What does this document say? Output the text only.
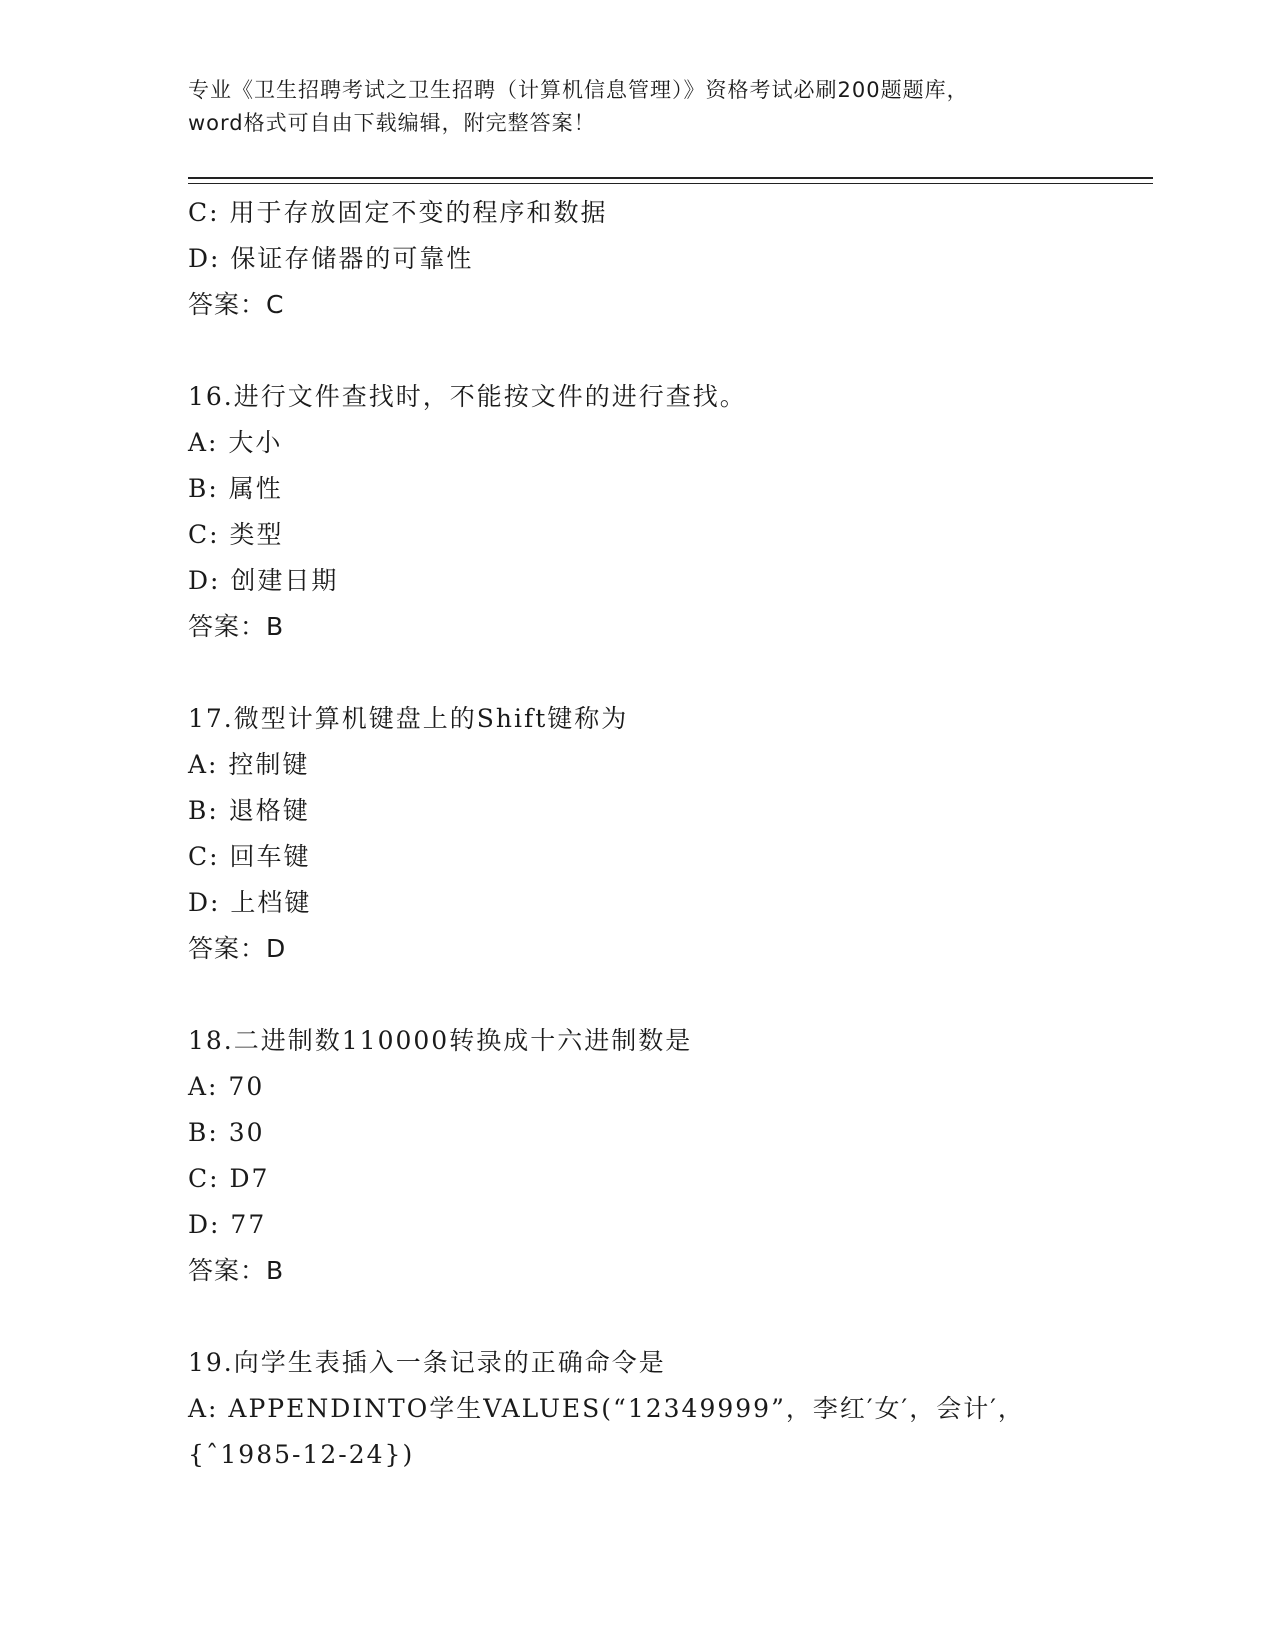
专业《卫生招聘考试之卫生招聘（计算机信息管理）》资格考试必刷200题题库，
word格式可自由下载编辑，附完整答案！
C: 用于存放固定不变的程序和数据
D: 保证存储器的可靠性
答案：C
16.进行文件查找时，不能按文件的进行查找。
A: 大小
B: 属性
C: 类型
D: 创建日期
答案：B
17.微型计算机键盘上的Shift键称为
A: 控制键
B: 退格键
C: 回车键
D: 上档键
答案：D
18.二进制数110000转换成十六进制数是
A: 70
B: 30
C: D7
D: 77
答案：B
19.向学生表插入一条记录的正确命令是
A: APPENDINTO学生VALUES(“12349999”，李红′女′，会计′，
{ˆ1985-12-24})
